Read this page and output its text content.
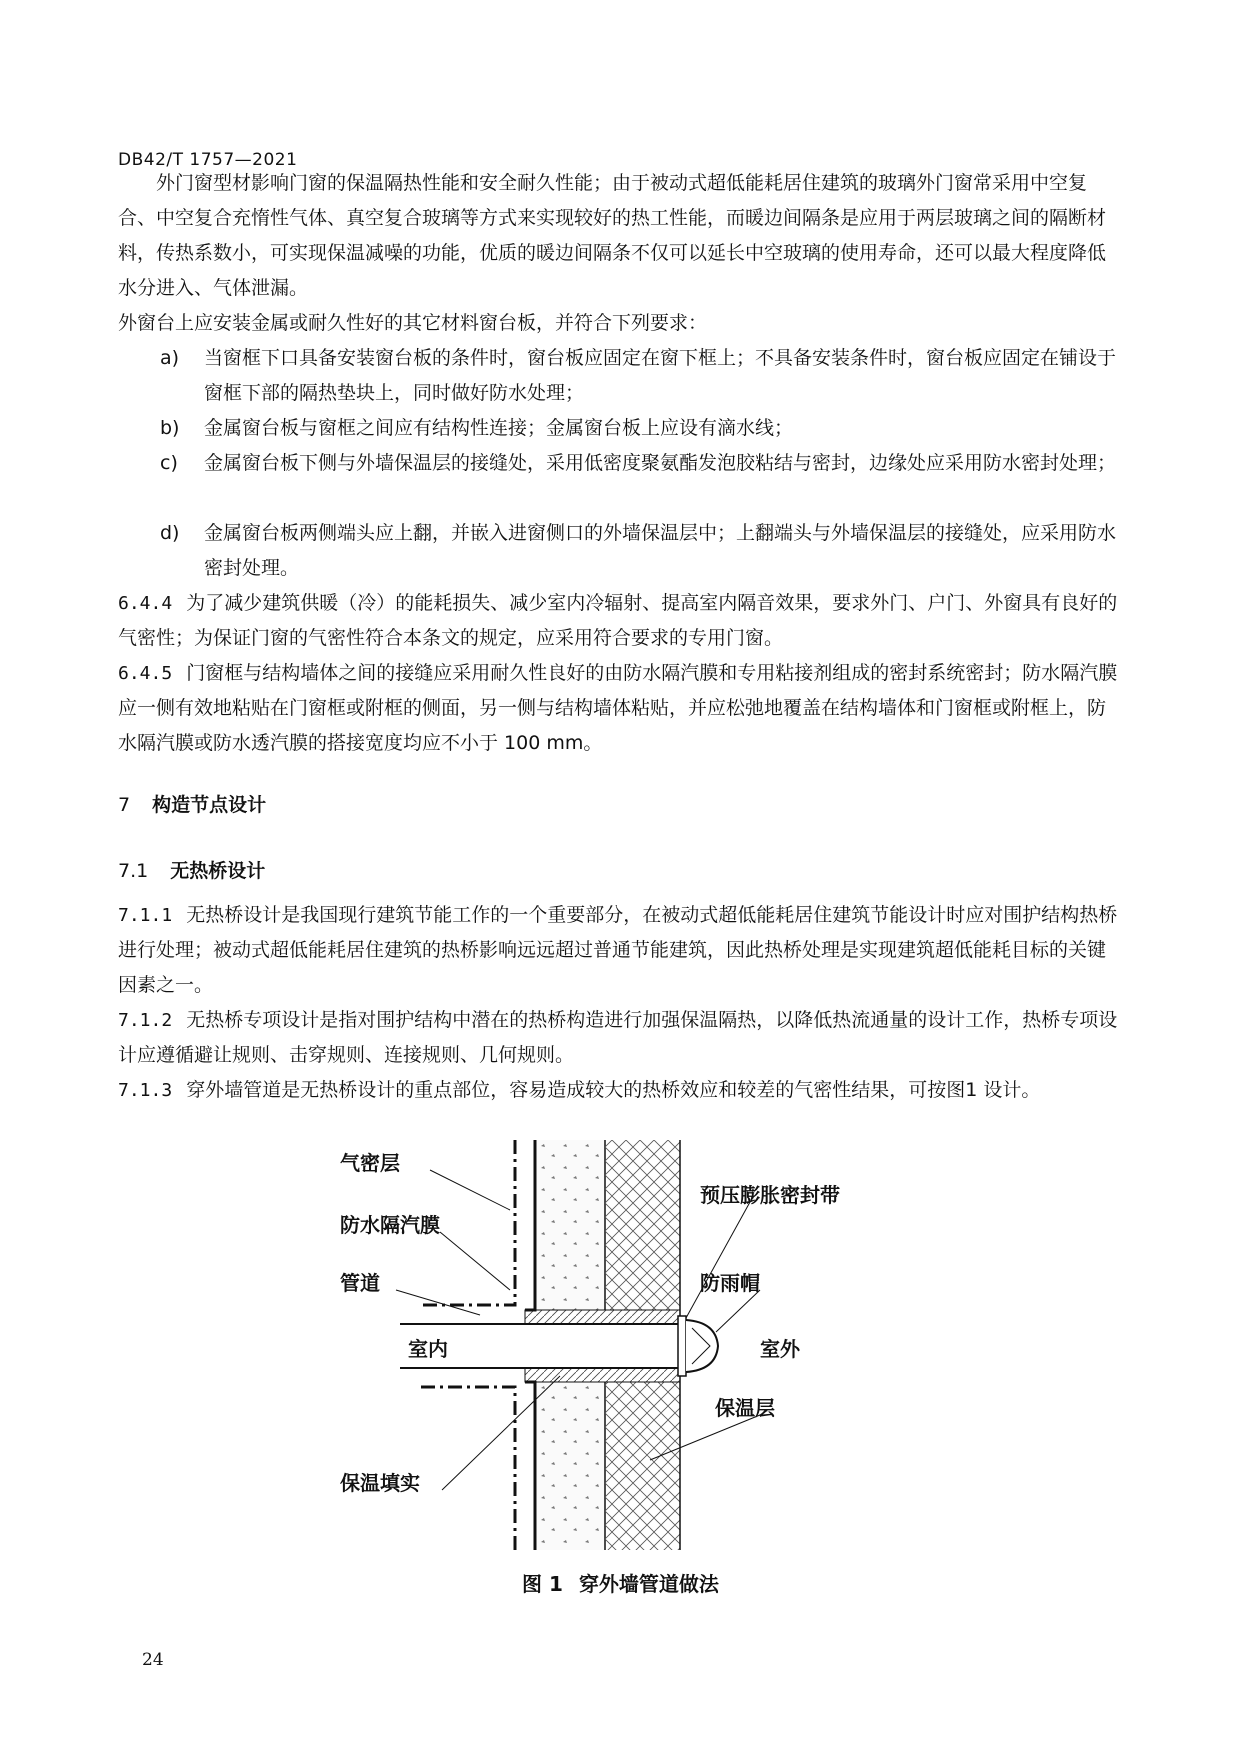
DB42/T 1757—2021

外门窗型材影响门窗的保温隔热性能和安全耐久性能；由于被动式超低能耗居住建筑的玻璃外门窗常采用中空复合、中空复合充惰性气体、真空复合玻璃等方式来实现较好的热工性能，而暖边间隔条是应用于两层玻璃之间的隔断材料，传热系数小，可实现保温减噪的功能，优质的暖边间隔条不仅可以延长中空玻璃的使用寿命，还可以最大程度降低水分进入、气体泄漏。

外窗台上应安装金属或耐久性好的其它材料窗台板，并符合下列要求：

a) 当窗框下口具备安装窗台板的条件时，窗台板应固定在窗下框上；不具备安装条件时，窗台板应固定在铺设于窗框下部的隔热垫块上，同时做好防水处理；
b) 金属窗台板与窗框之间应有结构性连接；金属窗台板上应设有滴水线；
c) 金属窗台板下侧与外墙保温层的接缝处，采用低密度聚氨酯发泡胶粘结与密封，边缘处应采用防水密封处理；
d) 金属窗台板两侧端头应上翻，并嵌入进窗侧口的外墙保温层中；上翻端头与外墙保温层的接缝处，应采用防水密封处理。

6.4.4 为了减少建筑供暖（冷）的能耗损失、减少室内冷辐射、提高室内隔音效果，要求外门、户门、外窗具有良好的气密性；为保证门窗的气密性符合本条文的规定，应采用符合要求的专用门窗。

6.4.5 门窗框与结构墙体之间的接缝应采用耐久性良好的由防水隔汽膜和专用粘接剂组成的密封系统密封；防水隔汽膜应一侧有效地粘贴在门窗框或附框的侧面，另一侧与结构墙体粘贴，并应松弛地覆盖在结构墙体和门窗框或附框上，防水隔汽膜或防水透汽膜的搭接宽度均应不小于 100 mm。

7 构造节点设计
7.1 无热桥设计

7.1.1 无热桥设计是我国现行建筑节能工作的一个重要部分，在被动式超低能耗居住建筑节能设计时应对围护结构热桥进行处理；被动式超低能耗居住建筑的热桥影响远远超过普通节能建筑，因此热桥处理是实现建筑超低能耗目标的关键因素之一。

7.1.2 无热桥专项设计是指对围护结构中潜在的热桥构造进行加强保温隔热，以降低热流通量的设计工作，热桥专项设计应遵循避让规则、击穿规则、连接规则、几何规则。

7.1.3 穿外墙管道是无热桥设计的重点部位，容易造成较大的热桥效应和较差的气密性结果，可按图1 设计。

气密层
防水隔汽膜
管道
室内
保温填实
预压膨胀密封带
防雨帽
室外
保温层
图 1 穿外墙管道做法
24
